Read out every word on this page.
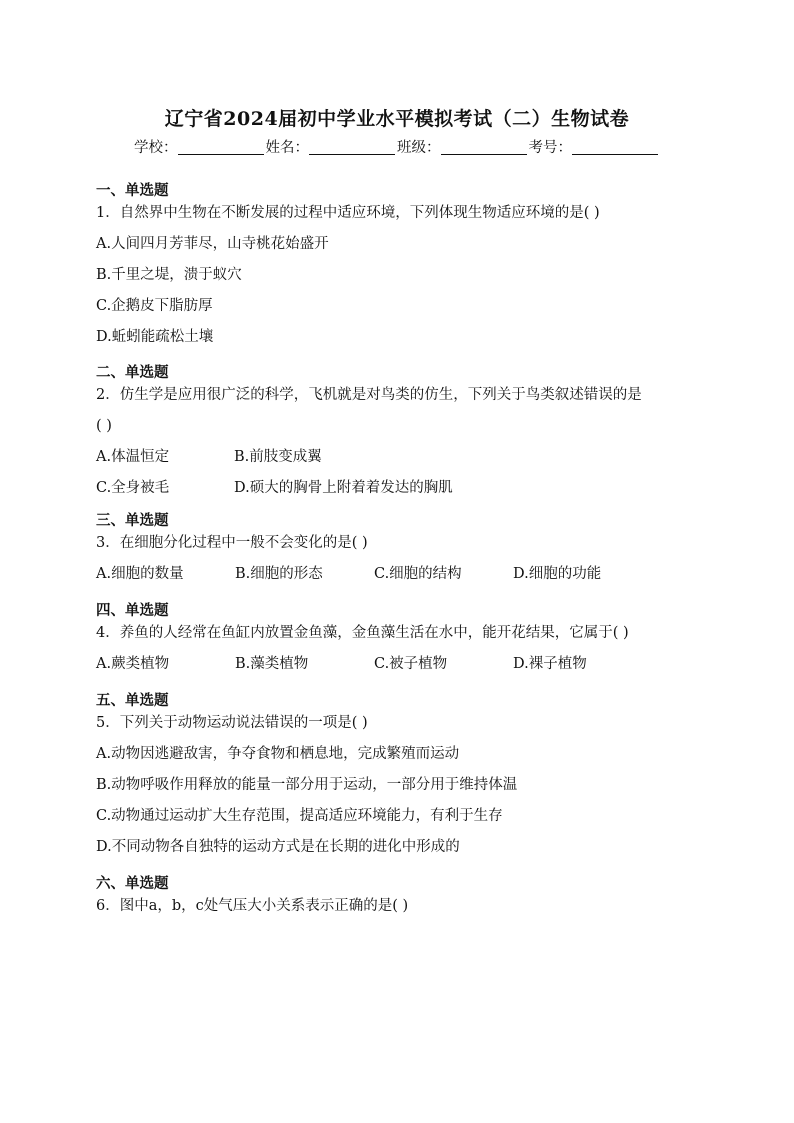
辽宁省2024届初中学业水平模拟考试（二）生物试卷
学校：	姓名：	班级：	考号：
一、单选题
1．自然界中生物在不断发展的过程中适应环境，下列体现生物适应环境的是( )
A.人间四月芳菲尽，山寺桃花始盛开
B.千里之堤，溃于蚁穴
C.企鹅皮下脂肪厚
D.蚯蚓能疏松土壤
二、单选题
2．仿生学是应用很广泛的科学，飞机就是对鸟类的仿生，下列关于鸟类叙述错误的是
( )
A.体温恒定	B.前肢变成翼
C.全身被毛	D.硕大的胸骨上附着着发达的胸肌
三、单选题
3．在细胞分化过程中一般不会变化的是( )
A.细胞的数量	B.细胞的形态	C.细胞的结构	D.细胞的功能
四、单选题
4．养鱼的人经常在鱼缸内放置金鱼藻，金鱼藻生活在水中，能开花结果，它属于( )
A.蕨类植物	B.藻类植物	C.被子植物	D.裸子植物
五、单选题
5．下列关于动物运动说法错误的一项是( )
A.动物因逃避敌害，争夺食物和栖息地，完成繁殖而运动
B.动物呼吸作用释放的能量一部分用于运动，一部分用于维持体温
C.动物通过运动扩大生存范围，提高适应环境能力，有利于生存
D.不同动物各自独特的运动方式是在长期的进化中形成的
六、单选题
6．图中a，b，c处气压大小关系表示正确的是( )
